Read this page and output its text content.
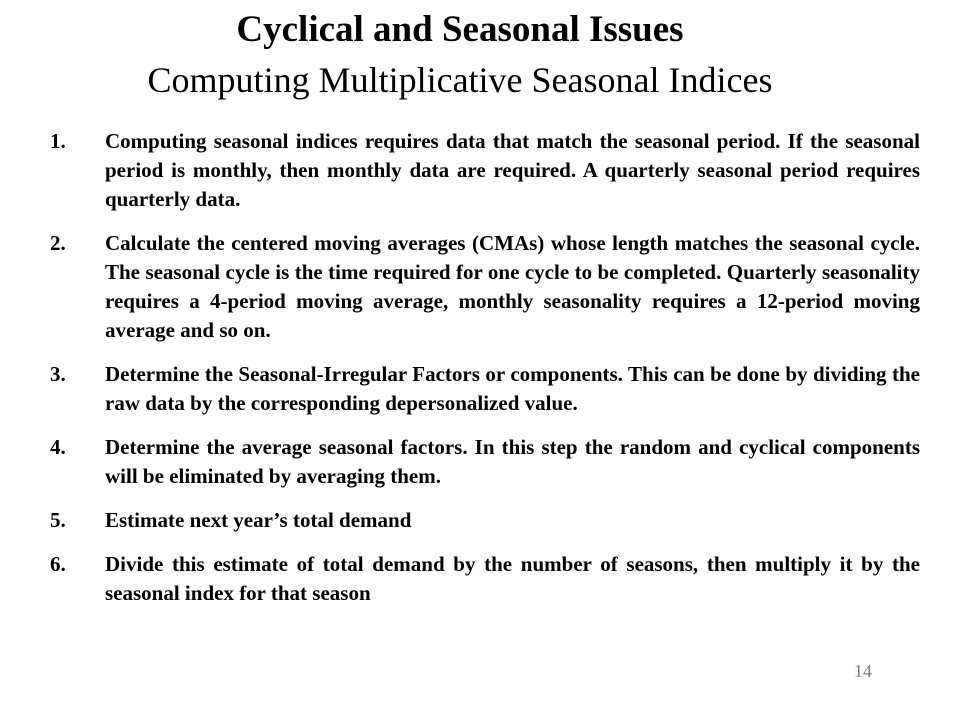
Cyclical and Seasonal Issues
Computing Multiplicative Seasonal Indices
14
1.	Computing seasonal indices requires data that match the seasonal period. If the seasonal period is monthly, then monthly data are required. A quarterly seasonal period requires quarterly data.
2.	Calculate the centered moving averages (CMAs) whose length matches the seasonal cycle. The seasonal cycle is the time required for one cycle to be completed. Quarterly seasonality requires a 4-period moving average, monthly seasonality requires a 12-period moving average and so on.
3.	Determine the Seasonal-Irregular Factors or components. This can be done by dividing the raw data by the corresponding depersonalized value.
4.	Determine the average seasonal factors. In this step the random and cyclical components will be eliminated by averaging them.
5.	Estimate next year’s total demand
6.	Divide this estimate of total demand by the number of seasons, then multiply it by the seasonal index for that season
